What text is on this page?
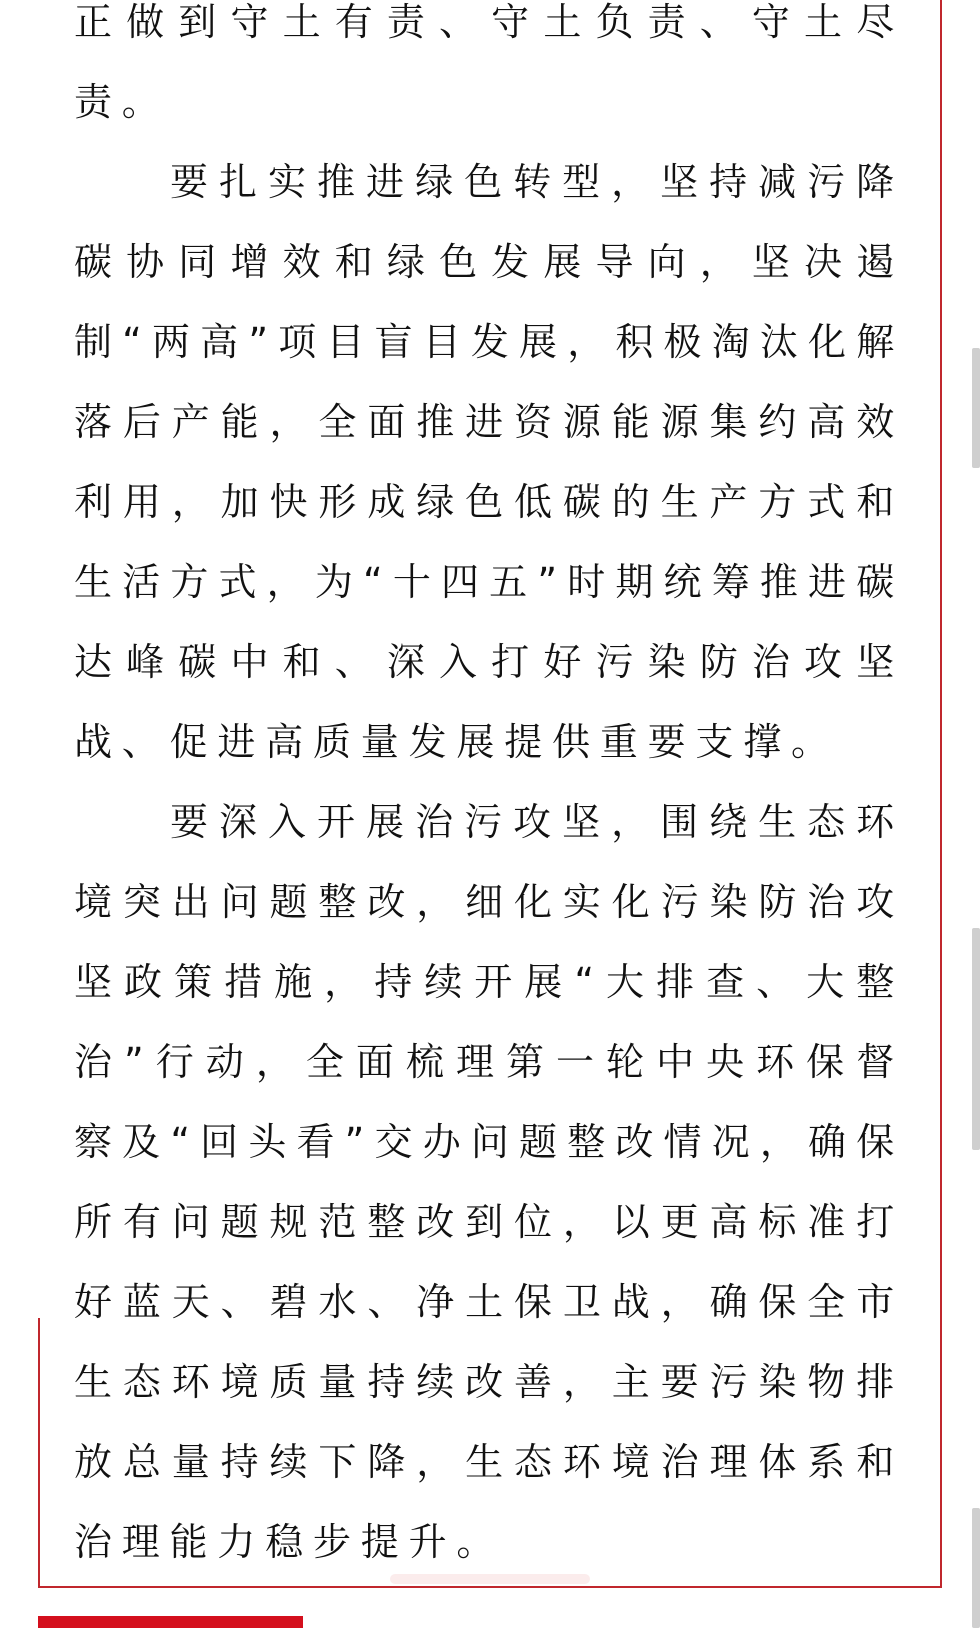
正做到守土有责、守土负责、守土尽责。

要扎实推进绿色转型，坚持减污降碳协同增效和绿色发展导向，坚决遏制“两高”项目盲目发展，积极淘汰化解落后产能，全面推进资源能源集约高效利用，加快形成绿色低碳的生产方式和生活方式，为“十四五”时期统筹推进碳达峰碳中和、深入打好污染防治攻坚战、促进高质量发展提供重要支撑。

要深入开展治污攻坚，围绕生态环境突出问题整改，细化实化污染防治攻坚政策措施，持续开展“大排查、大整治”行动，全面梳理第一轮中央环保督察及“回头看”交办问题整改情况，确保所有问题规范整改到位，以更高标准打好蓝天、碧水、净土保卫战，确保全市生态环境质量持续改善，主要污染物排放总量持续下降，生态环境治理体系和治理能力稳步提升。
